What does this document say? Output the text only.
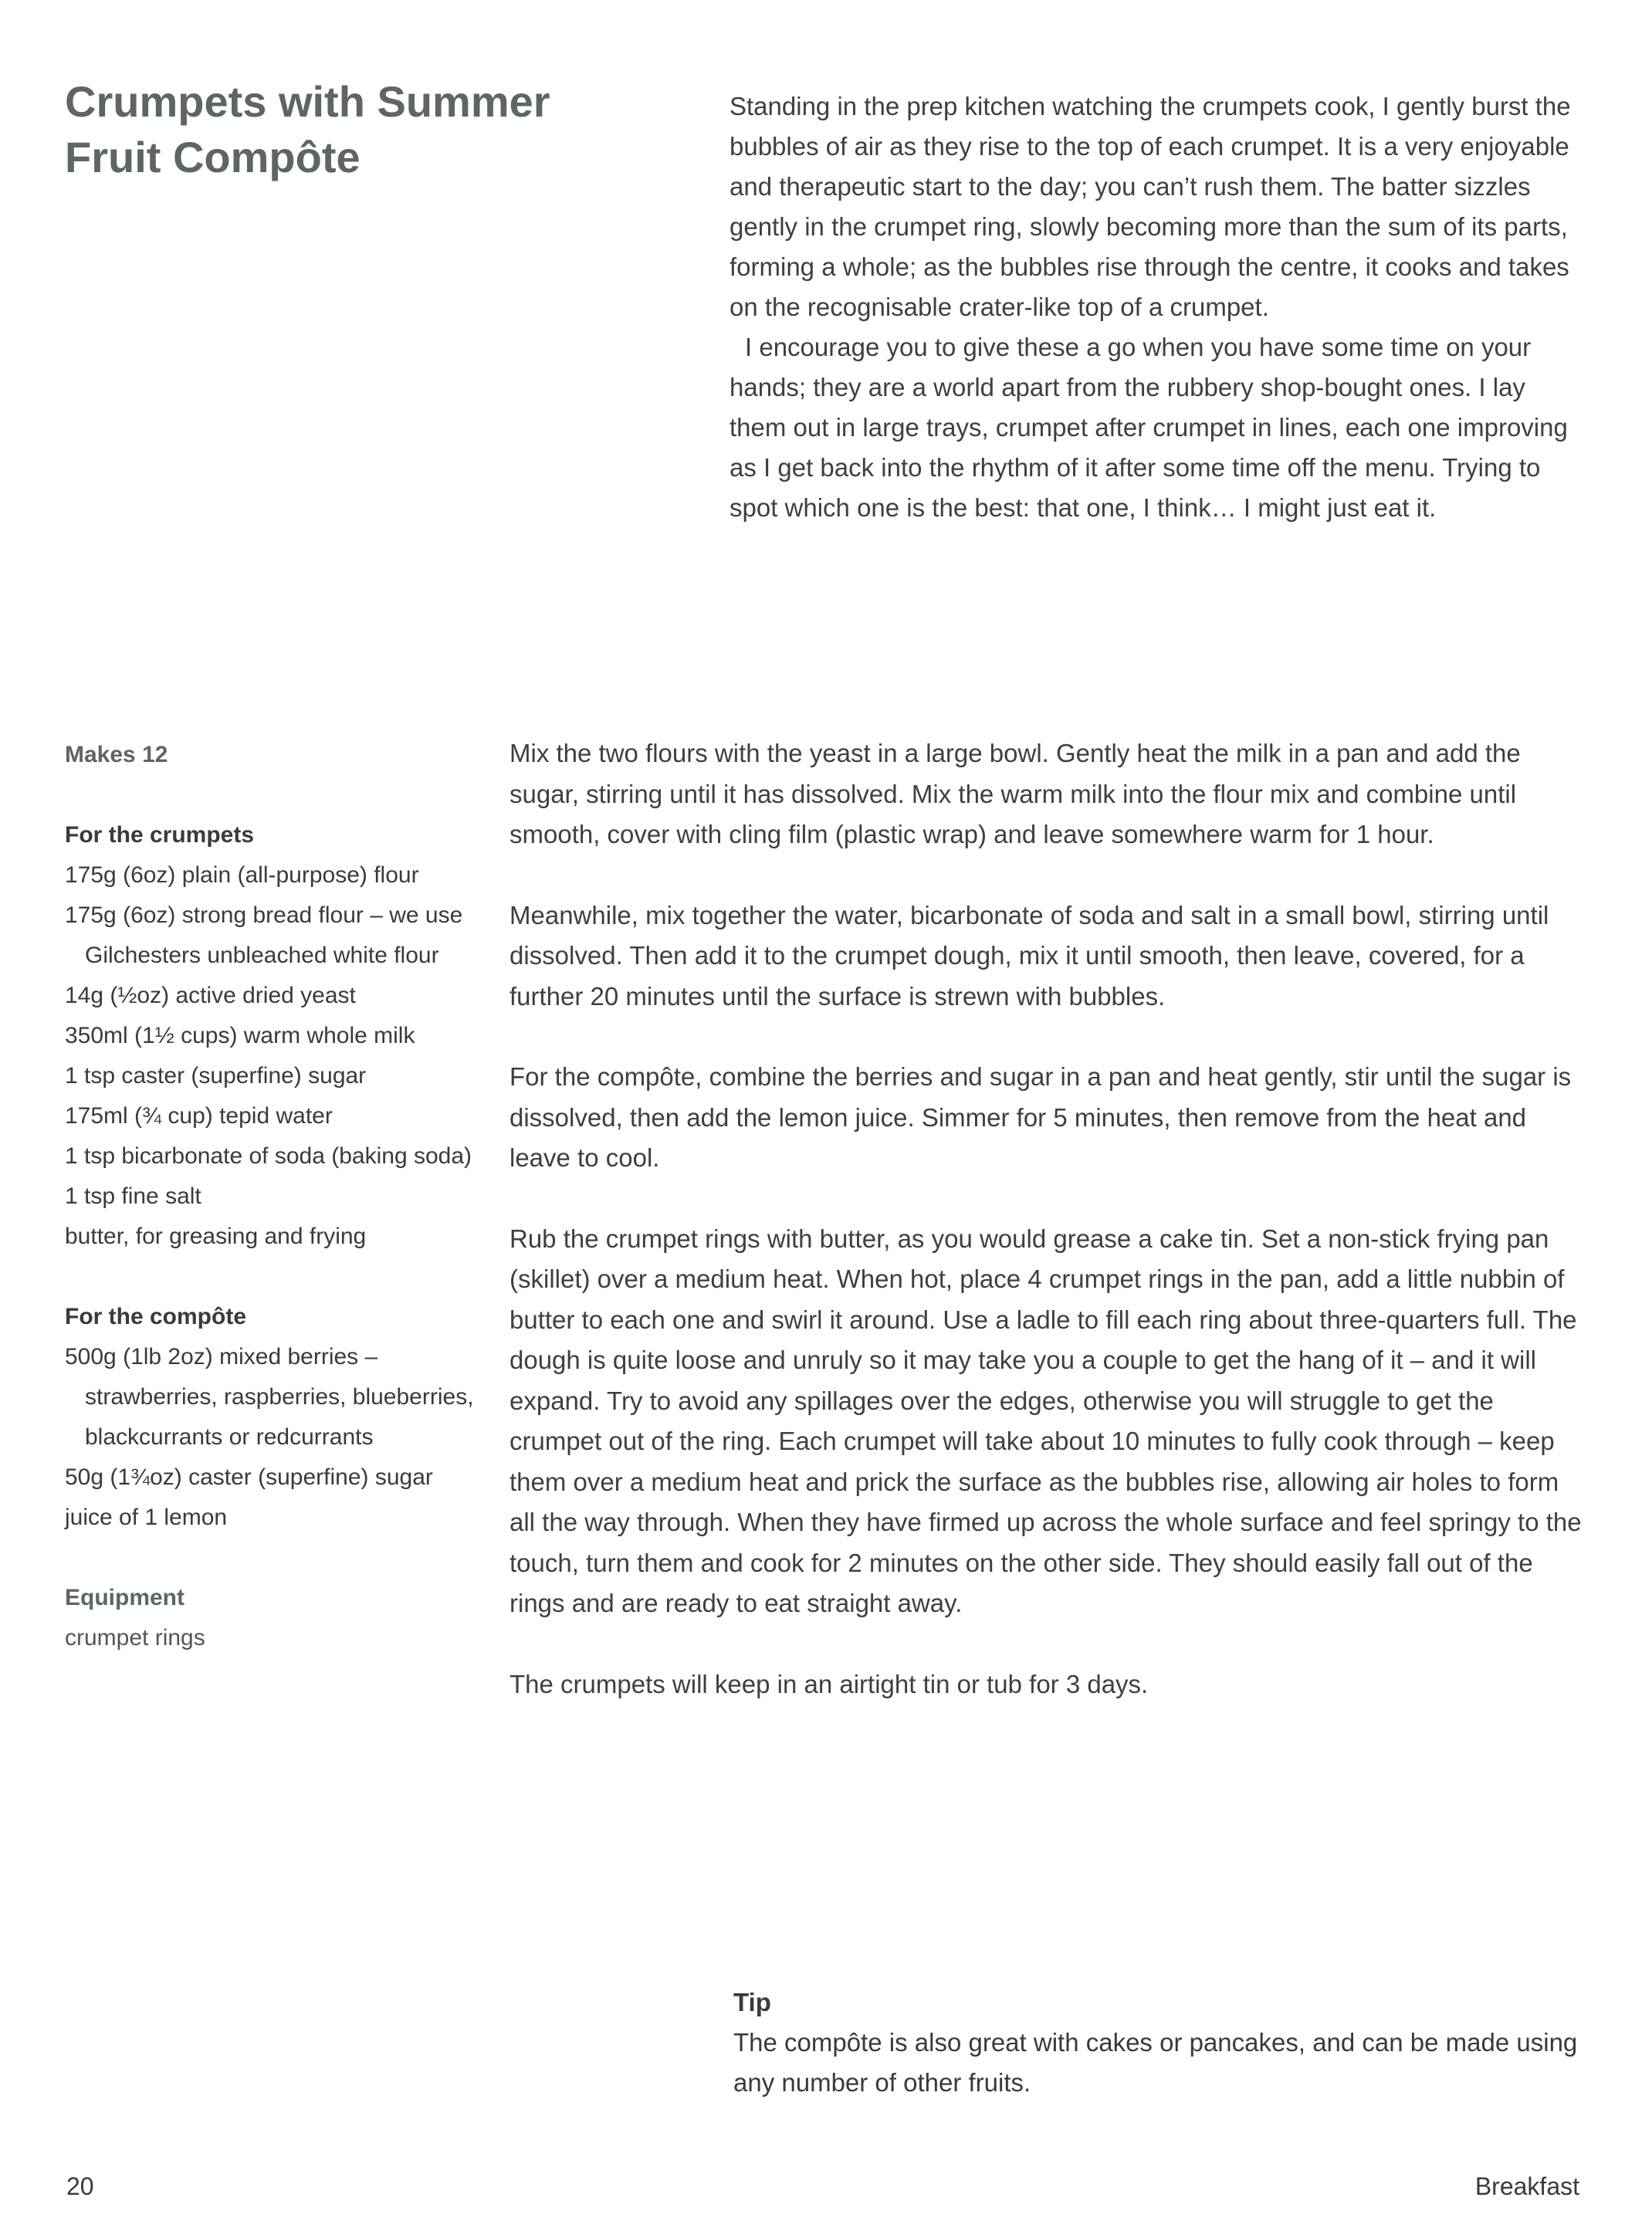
Crumpets with Summer
Fruit Compôte

Standing in the prep kitchen watching the crumpets cook, I gently burst the bubbles of air as they rise to the top of each crumpet. It is a very enjoyable and therapeutic start to the day; you can’t rush them. The batter sizzles gently in the crumpet ring, slowly becoming more than the sum of its parts, forming a whole; as the bubbles rise through the centre, it cooks and takes on the recognisable crater-like top of a crumpet.

I encourage you to give these a go when you have some time on your hands; they are a world apart from the rubbery shop-bought ones. I lay them out in large trays, crumpet after crumpet in lines, each one improving as I get back into the rhythm of it after some time off the menu. Trying to spot which one is the best: that one, I think… I might just eat it.

Makes 12

For the crumpets

175g (6oz) plain (all-purpose) flour
175g (6oz) strong bread flour – we use Gilchesters unbleached white flour
14g (½oz) active dried yeast
350ml (1½ cups) warm whole milk
1 tsp caster (superfine) sugar
175ml (¾ cup) tepid water
1 tsp bicarbonate of soda (baking soda)
1 tsp fine salt
butter, for greasing and frying

For the compôte

500g (1lb 2oz) mixed berries – strawberries, raspberries, blueberries, blackcurrants or redcurrants
50g (1¾oz) caster (superfine) sugar
juice of 1 lemon

Equipment

crumpet rings

Mix the two flours with the yeast in a large bowl. Gently heat the milk in a pan and add the sugar, stirring until it has dissolved. Mix the warm milk into the flour mix and combine until smooth, cover with cling film (plastic wrap) and leave somewhere warm for 1 hour.

Meanwhile, mix together the water, bicarbonate of soda and salt in a small bowl, stirring until dissolved. Then add it to the crumpet dough, mix it until smooth, then leave, covered, for a further 20 minutes until the surface is strewn with bubbles.

For the compôte, combine the berries and sugar in a pan and heat gently, stir until the sugar is dissolved, then add the lemon juice. Simmer for 5 minutes, then remove from the heat and leave to cool.

Rub the crumpet rings with butter, as you would grease a cake tin. Set a non-stick frying pan (skillet) over a medium heat. When hot, place 4 crumpet rings in the pan, add a little nubbin of butter to each one and swirl it around. Use a ladle to fill each ring about three-quarters full. The dough is quite loose and unruly so it may take you a couple to get the hang of it – and it will expand. Try to avoid any spillages over the edges, otherwise you will struggle to get the crumpet out of the ring. Each crumpet will take about 10 minutes to fully cook through – keep them over a medium heat and prick the surface as the bubbles rise, allowing air holes to form all the way through. When they have firmed up across the whole surface and feel springy to the touch, turn them and cook for 2 minutes on the other side. They should easily fall out of the rings and are ready to eat straight away.

The crumpets will keep in an airtight tin or tub for 3 days.

Tip

The compôte is also great with cakes or pancakes, and can be made using any number of other fruits.

20	Breakfast
